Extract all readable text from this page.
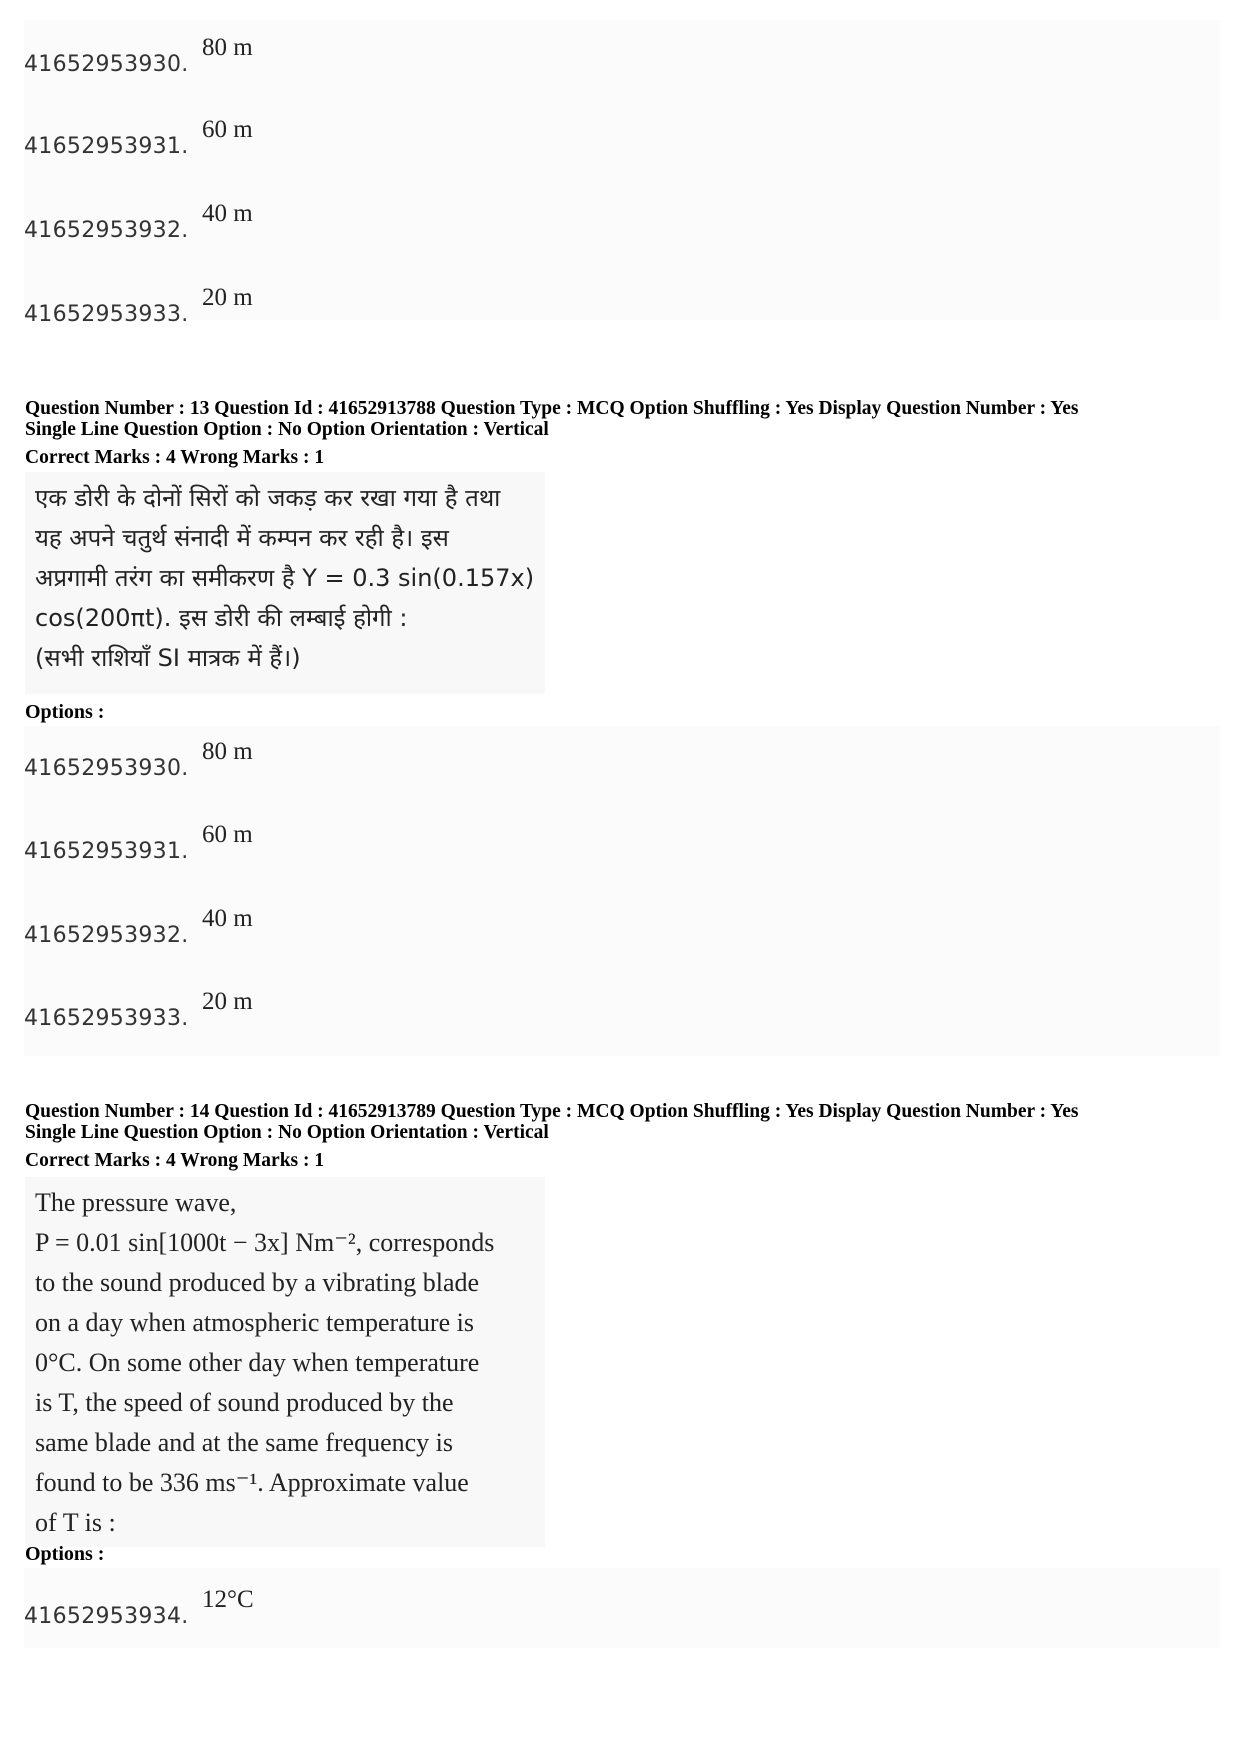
41652953930.
80 m
41652953931.
60 m
41652953932.
40 m
41652953933.
20 m
Question Number : 13 Question Id : 41652913788 Question Type : MCQ Option Shuffling : Yes Display Question Number : Yes
Single Line Question Option : No Option Orientation : Vertical
Correct Marks : 4 Wrong Marks : 1
एक डोरी के दोनों सिरों को जकड़ कर रखा गया है तथा
यह अपने चतुर्थ संनादी में कम्पन कर रही है। इस
अप्रगामी तरंग का समीकरण है Y = 0.3 sin(0.157x)
cos(200πt). इस डोरी की लम्बाई होगी :
(सभी राशियाँ SI मात्रक में हैं।)
Options :
41652953930.
80 m
41652953931.
60 m
41652953932.
40 m
41652953933.
20 m
Question Number : 14 Question Id : 41652913789 Question Type : MCQ Option Shuffling : Yes Display Question Number : Yes
Single Line Question Option : No Option Orientation : Vertical
Correct Marks : 4 Wrong Marks : 1
The pressure wave,
P = 0.01 sin[1000t − 3x] Nm⁻², corresponds
to the sound produced by a vibrating blade
on a day when atmospheric temperature is
0°C. On some other day when temperature
is T, the speed of sound produced by the
same blade and at the same frequency is
found to be 336 ms⁻¹. Approximate value
of T is :
Options :
41652953934.
12°C
